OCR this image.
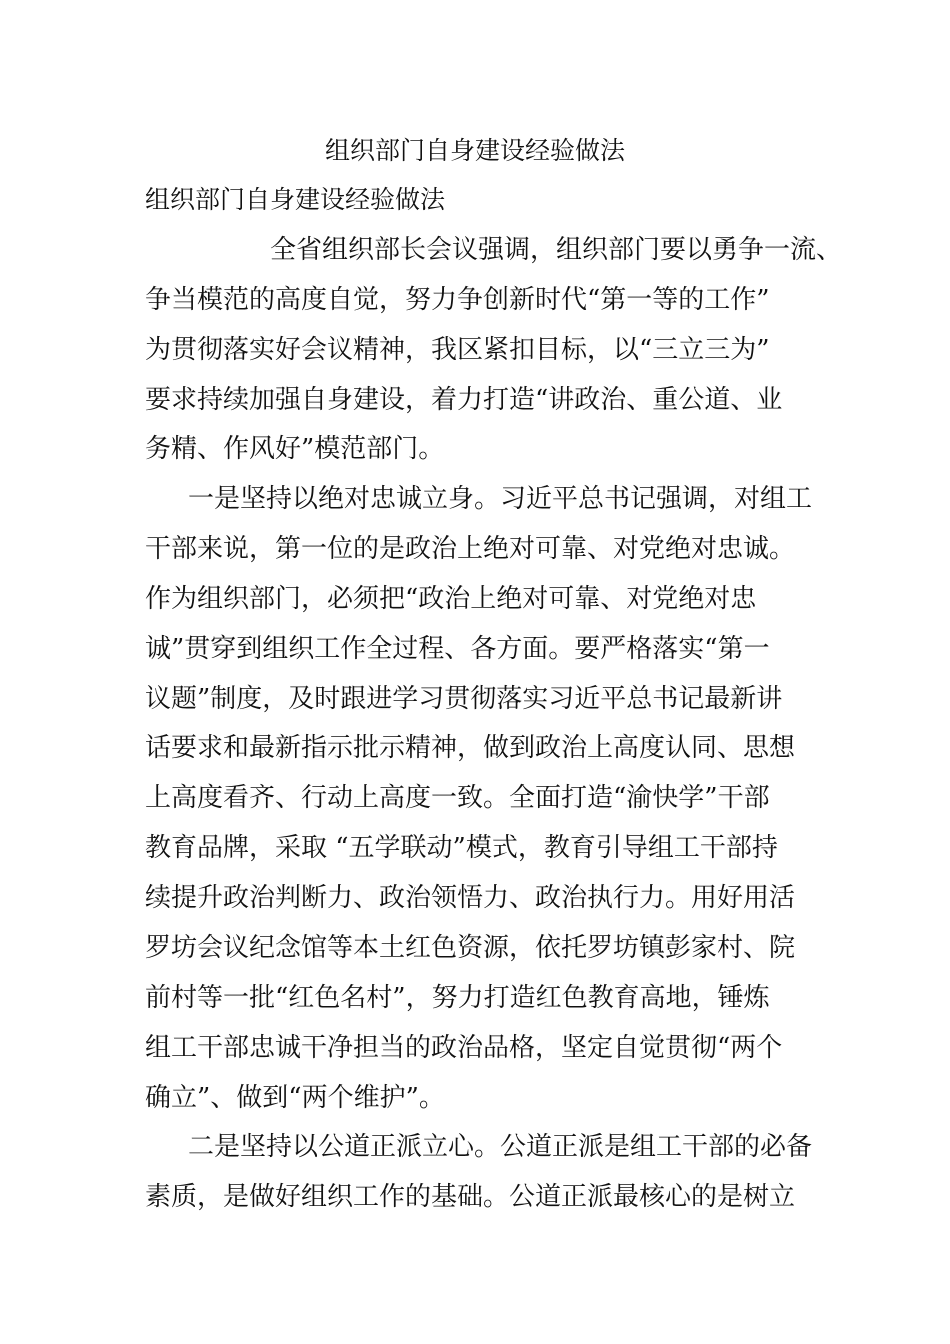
组织部门自身建设经验做法
组织部门自身建设经验做法
全省组织部长会议强调，组织部门要以勇争一流、
争当模范的高度自觉，努力争创新时代“第一等的工作”
为贯彻落实好会议精神，我区紧扣目标，以“三立三为”
要求持续加强自身建设，着力打造“讲政治、重公道、业
务精、作风好”模范部门。
一是坚持以绝对忠诚立身。习近平总书记强调，对组工
干部来说，第一位的是政治上绝对可靠、对党绝对忠诚。
作为组织部门，必须把“政治上绝对可靠、对党绝对忠
诚”贯穿到组织工作全过程、各方面。要严格落实“第一
议题”制度，及时跟进学习贯彻落实习近平总书记最新讲
话要求和最新指示批示精神，做到政治上高度认同、思想
上高度看齐、行动上高度一致。全面打造“渝快学”干部
教育品牌，采取 “五学联动”模式，教育引导组工干部持
续提升政治判断力、政治领悟力、政治执行力。用好用活
罗坊会议纪念馆等本土红色资源，依托罗坊镇彭家村、院
前村等一批“红色名村”，努力打造红色教育高地，锤炼
组工干部忠诚干净担当的政治品格，坚定自觉贯彻“两个
确立”、做到“两个维护”。
二是坚持以公道正派立心。公道正派是组工干部的必备
素质，是做好组织工作的基础。公道正派最核心的是树立
